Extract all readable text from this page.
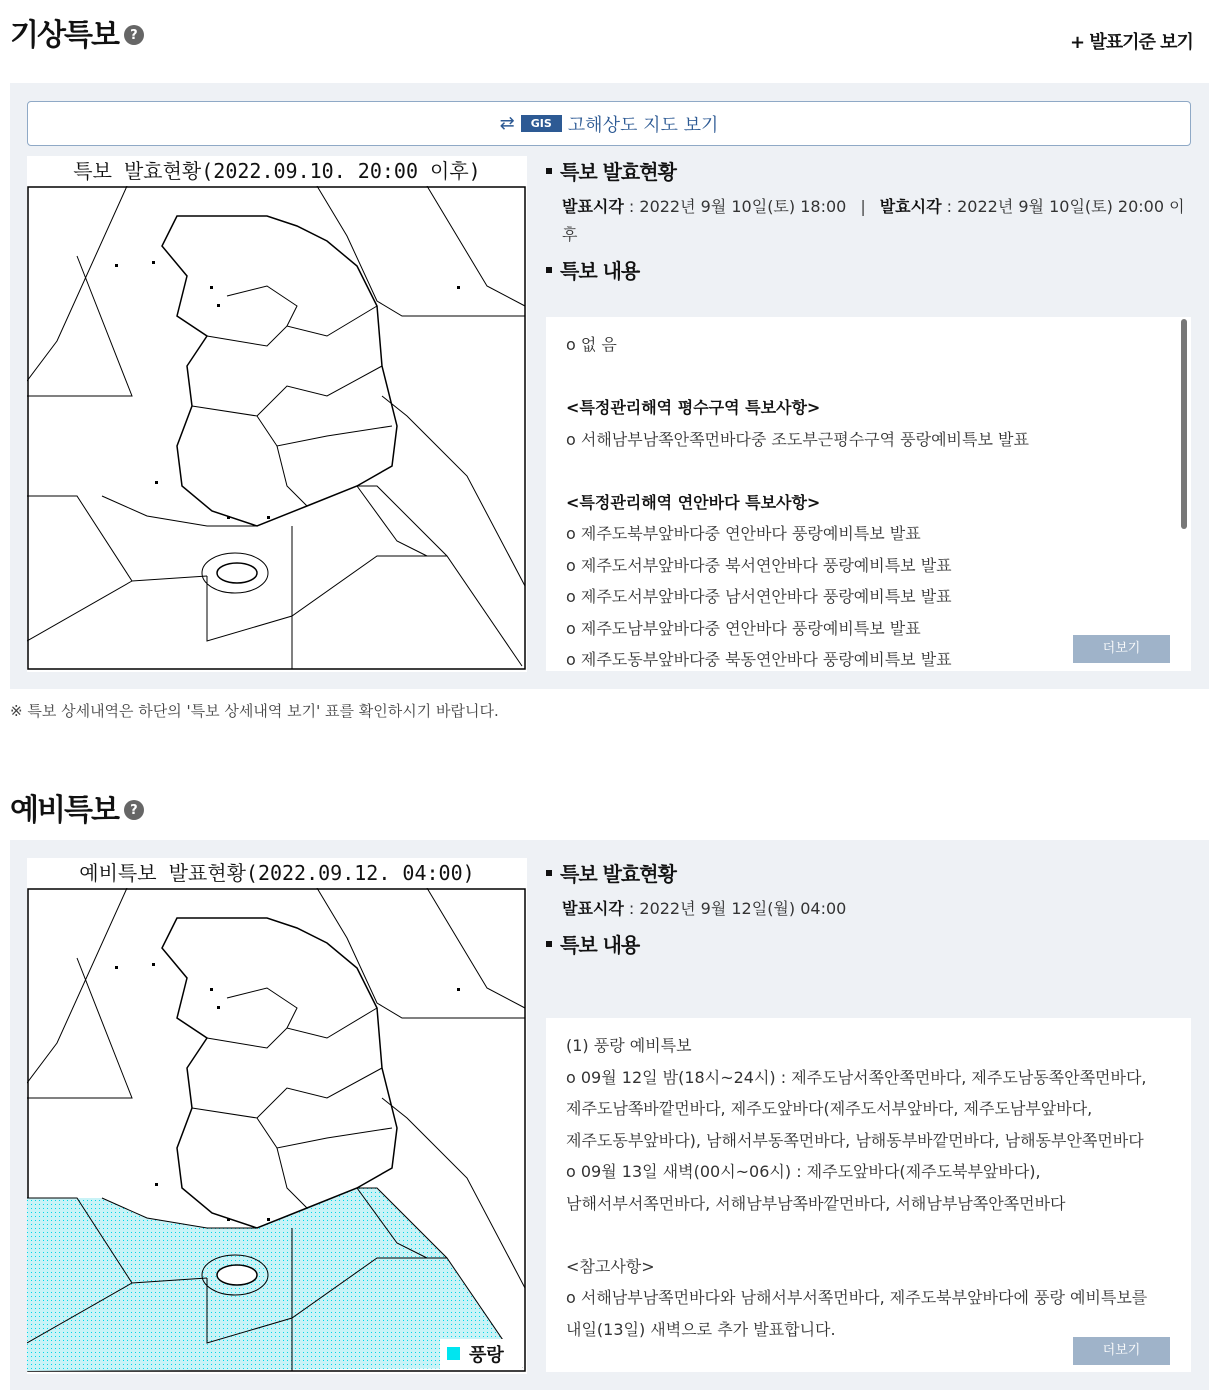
기상특보 ?	+ 발표기준 보기
⇄	GIS 고해상도 지도 보기
특보 발효현황(2022.09.10. 20:00 이후)	특보 발효현황
발표시각 : 2022년 9월 10일(토) 18:00 | 발효시각 : 2022년 9월 10일(토) 20:00 이후
특보 내용
o 없 음
<특정관리해역 평수구역 특보사항>
o 서해남부남쪽안쪽먼바다중 조도부근평수구역 풍랑예비특보 발표
<특정관리해역 연안바다 특보사항>
o 제주도북부앞바다중 연안바다 풍랑예비특보 발표
o 제주도서부앞바다중 북서연안바다 풍랑예비특보 발표
o 제주도서부앞바다중 남서연안바다 풍랑예비특보 발표
o 제주도남부앞바다중 연안바다 풍랑예비특보 발표
o 제주도동부앞바다중 북동연안바다 풍랑예비특보 발표
더보기
※ 특보 상세내역은 하단의 '특보 상세내역 보기' 표를 확인하시기 바랍니다.
예비특보 ?
예비특보 발표현황(2022.09.12. 04:00)
풍랑
특보 발효현황
발표시각 : 2022년 9월 12일(월) 04:00
특보 내용
(1) 풍랑 예비특보
o 09월 12일 밤(18시~24시) : 제주도남서쪽안쪽먼바다, 제주도남동쪽안쪽먼바다,
제주도남쪽바깥먼바다, 제주도앞바다(제주도서부앞바다, 제주도남부앞바다,
제주도동부앞바다), 남해서부동쪽먼바다, 남해동부바깥먼바다, 남해동부안쪽먼바다
o 09월 13일 새벽(00시~06시) : 제주도앞바다(제주도북부앞바다),
남해서부서쪽먼바다, 서해남부남쪽바깥먼바다, 서해남부남쪽안쪽먼바다
<참고사항>
o 서해남부남쪽먼바다와 남해서부서쪽먼바다, 제주도북부앞바다에 풍랑 예비특보를
내일(13일) 새벽으로 추가 발표합니다.
더보기
